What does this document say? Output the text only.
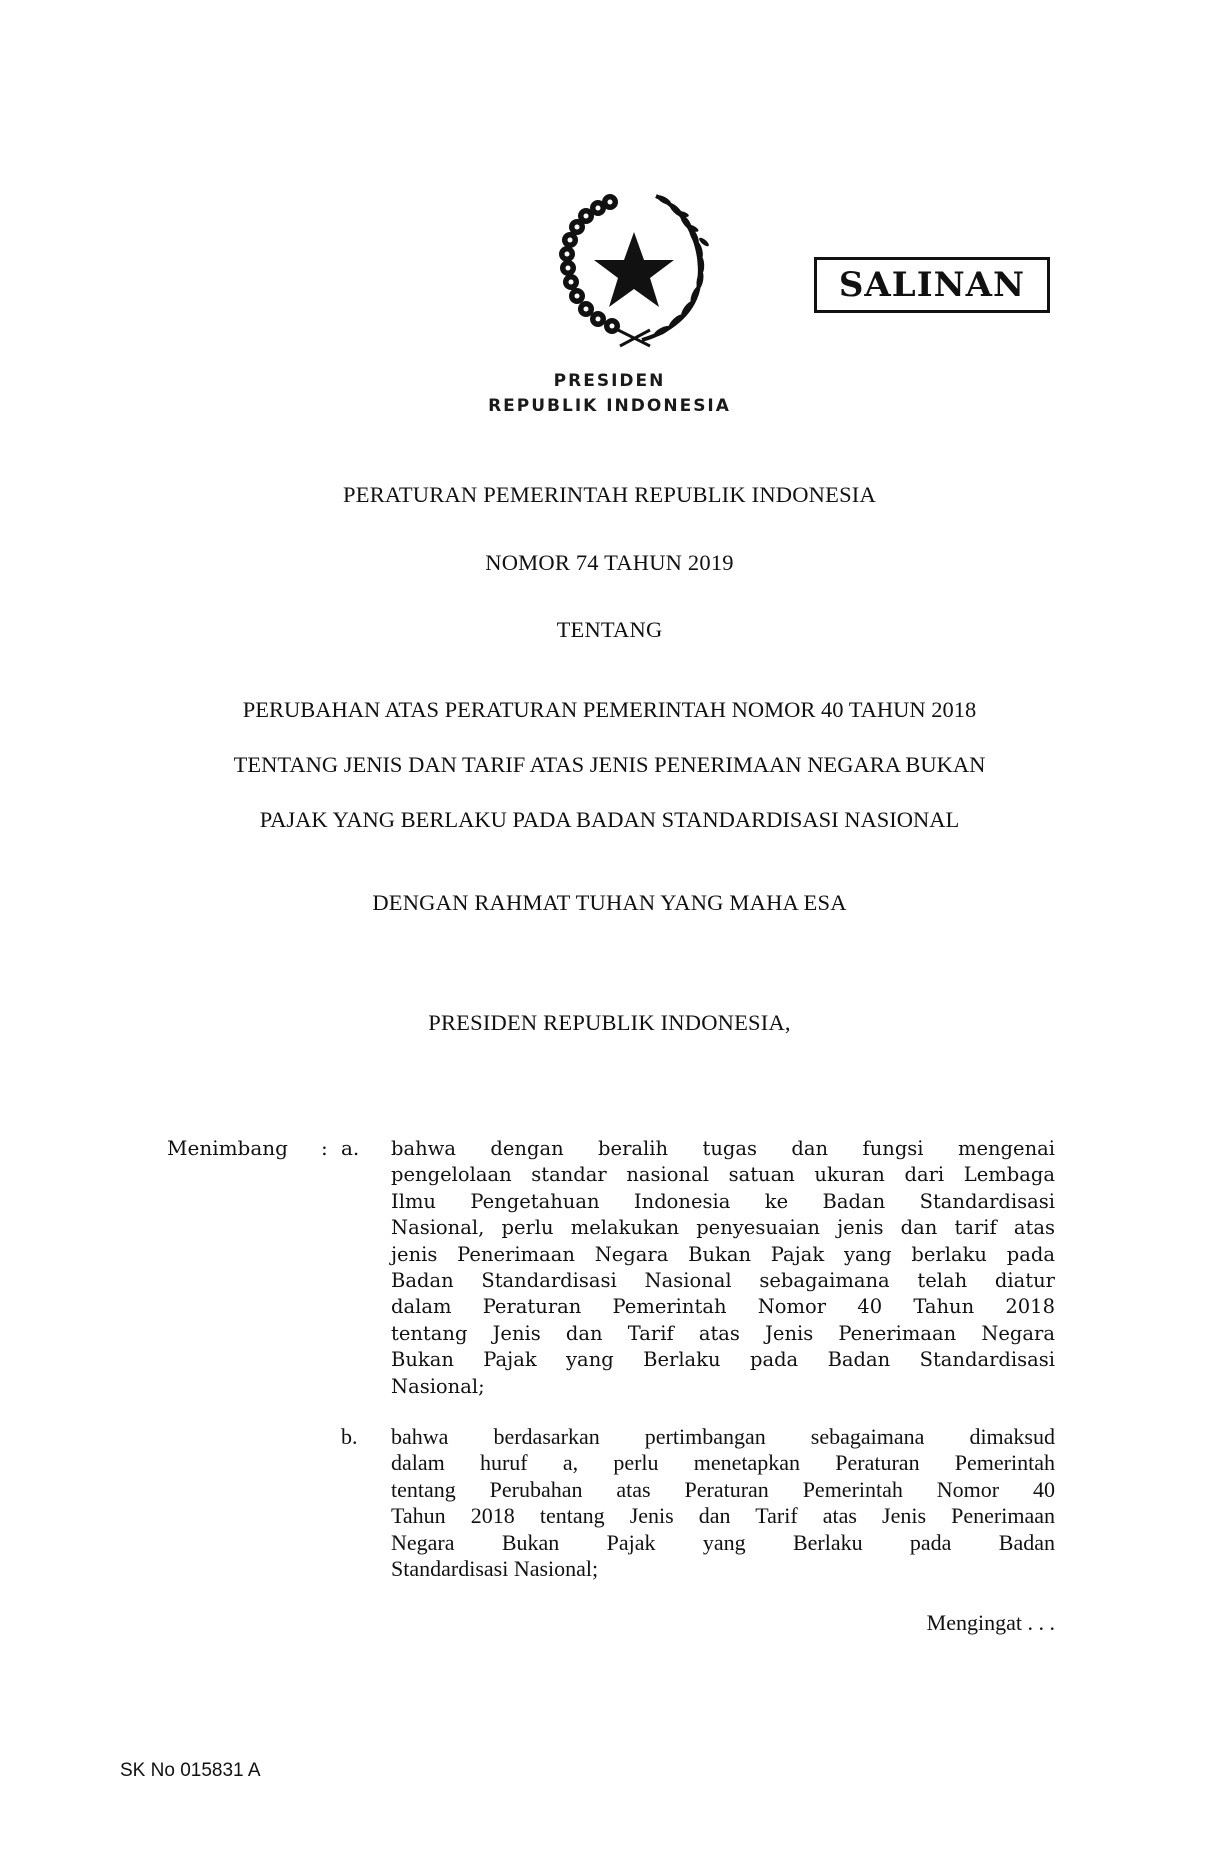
SALINAN
PRESIDEN
REPUBLIK INDONESIA
PERATURAN PEMERINTAH REPUBLIK INDONESIA
NOMOR 74 TAHUN 2019
TENTANG
PERUBAHAN ATAS PERATURAN PEMERINTAH NOMOR 40 TAHUN 2018
TENTANG JENIS DAN TARIF ATAS JENIS PENERIMAAN NEGARA BUKAN
PAJAK YANG BERLAKU PADA BADAN STANDARDISASI NASIONAL
DENGAN RAHMAT TUHAN YANG MAHA ESA
PRESIDEN REPUBLIK INDONESIA,
Menimbang : a. bahwa dengan beralih tugas dan fungsi mengenai
pengelolaan standar nasional satuan ukuran dari Lembaga
Ilmu Pengetahuan Indonesia ke Badan Standardisasi
Nasional, perlu melakukan penyesuaian jenis dan tarif atas
jenis Penerimaan Negara Bukan Pajak yang berlaku pada
Badan Standardisasi Nasional sebagaimana telah diatur
dalam Peraturan Pemerintah Nomor 40 Tahun 2018
tentang Jenis dan Tarif atas Jenis Penerimaan Negara
Bukan Pajak yang Berlaku pada Badan Standardisasi
Nasional;
b. bahwa berdasarkan pertimbangan sebagaimana dimaksud
dalam huruf a, perlu menetapkan Peraturan Pemerintah
tentang Perubahan atas Peraturan Pemerintah Nomor 40
Tahun 2018 tentang Jenis dan Tarif atas Jenis Penerimaan
Negara Bukan Pajak yang Berlaku pada Badan
Standardisasi Nasional;
Mengingat . . .
SK No 015831 A
